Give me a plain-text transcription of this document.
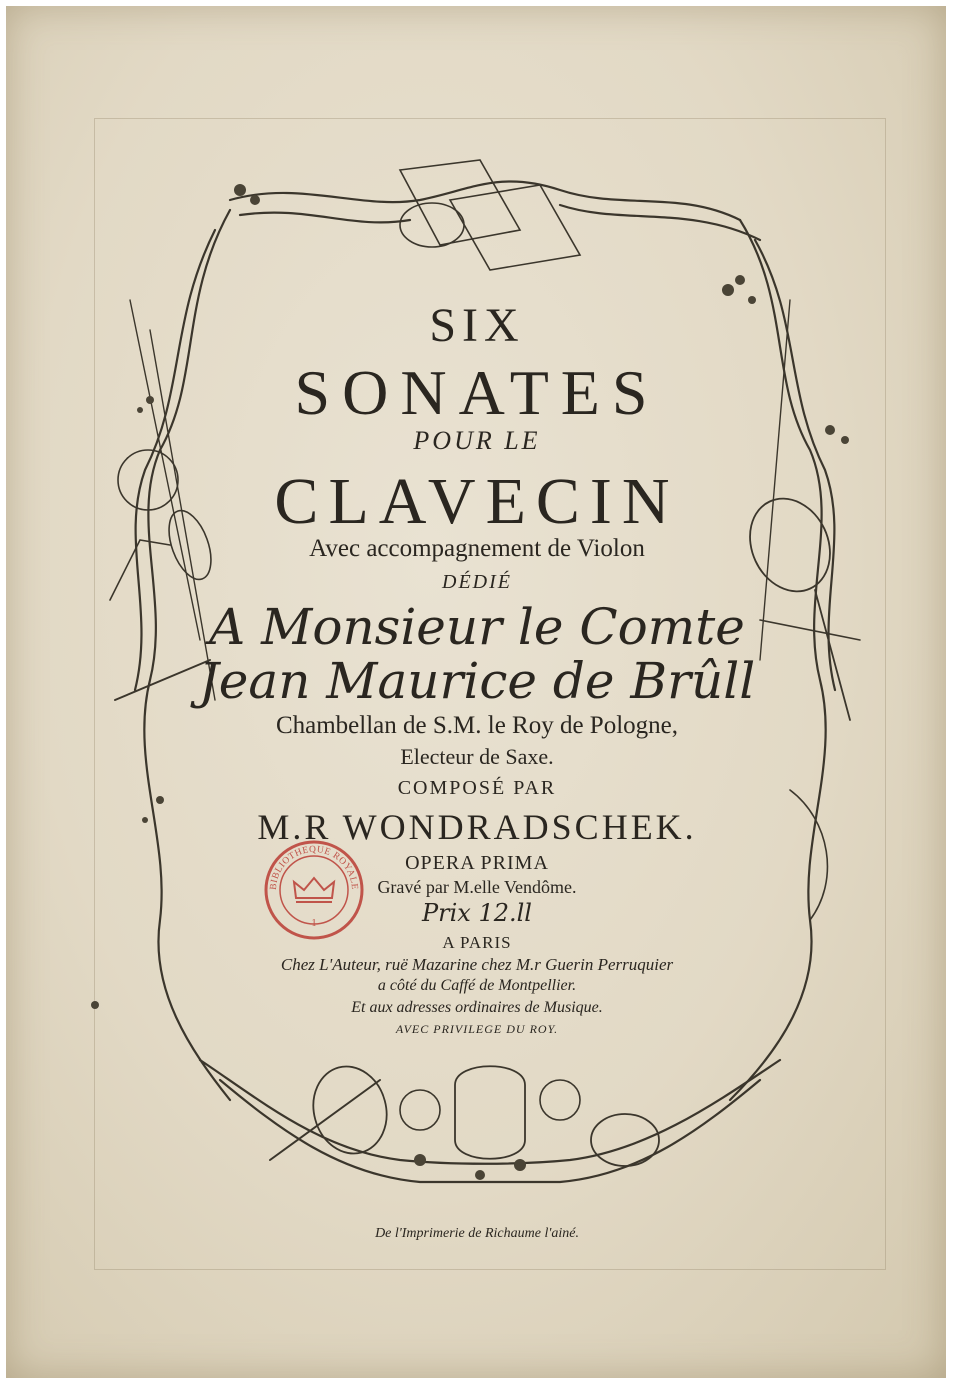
SIX
SONATES
POUR LE
CLAVECIN
Avec accompagnement de Violon
DÉDIÉ
A Monsieur le Comte
Jean Maurice de Brûll
Chambellan de S.M. le Roy de Pologne,
Electeur de Saxe.
COMPOSÉ PAR
M.R WONDRADSCHEK.
OPERA PRIMA
Gravé par M.elle Vendôme.
Prix 12.ll
A PARIS
Chez L'Auteur, ruë Mazarine chez M.r Guerin Perruquier
a côté du Caffé de Montpellier.
Et aux adresses ordinaires de Musique.
AVEC PRIVILEGE DU ROY.
De l'Imprimerie de Richaume l'ainé.
BIBLIOTHEQUE ROYALE
1
